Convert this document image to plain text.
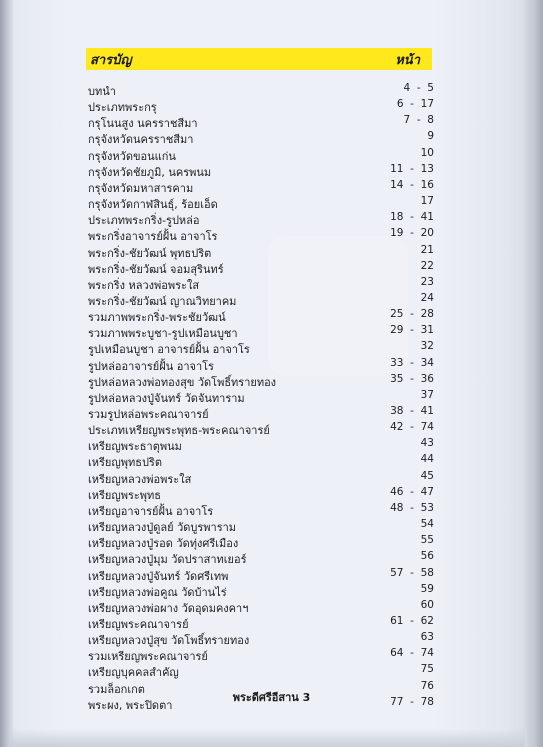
สารบัญ	หน้า
บทนำ	4  -  5
ประเภทพระกรุ	6  -  17
กรุโนนสูง นครราชสีมา	7  -  8
กรุจังหวัดนครราชสีมา	9
กรุจังหวัดขอนแก่น	10
กรุจังหวัดชัยภูมิ, นครพนม	11  -  13
กรุจังหวัดมหาสารคาม	14  -  16
กรุจังหวัดกาฬสินธุ์, ร้อยเอ็ด	17
ประเภทพระกริ่ง-รูปหล่อ	18  -  41
พระกริ่งอาจารย์ฝั้น อาจาโร	19  -  20
พระกริ่ง-ชัยวัฒน์ พุทธปริต	21
พระกริ่ง-ชัยวัฒน์ จอมสุรินทร์	22
พระกริ่ง หลวงพ่อพระใส	23
พระกริ่ง-ชัยวัฒน์ ญาณวิทยาคม	24
รวมภาพพระกริ่ง-พระชัยวัฒน์	25  -  28
รวมภาพพระบูชา-รูปเหมือนบูชา	29  -  31
รูปเหมือนบูชา อาจารย์ฝั้น อาจาโร	32
รูปหล่ออาจารย์ฝั้น อาจาโร	33  -  34
รูปหล่อหลวงพ่อทองสุข วัดโพธิ์ทรายทอง	35  -  36
รูปหล่อหลวงปู่จันทร์ วัดจันทาราม	37
รวมรูปหล่อพระคณาจารย์	38  -  41
ประเภทเหรียญพระพุทธ-พระคณาจารย์	42  -  74
เหรียญพระธาตุพนม	43
เหรียญพุทธปริต	44
เหรียญหลวงพ่อพระใส	45
เหรียญพระพุทธ	46  -  47
เหรียญอาจารย์ฝั้น อาจาโร	48  -  53
เหรียญหลวงปู่ดูลย์ วัดบูรพาราม	54
เหรียญหลวงปู่รอด วัดทุ่งศรีเมือง	55
เหรียญหลวงปู่มุม วัดปราสาทเยอร์	56
เหรียญหลวงปู่จันทร์ วัดศรีเทพ	57  -  58
เหรียญหลวงพ่อคูณ วัดบ้านไร่	59
เหรียญหลวงพ่อผาง วัดอุดมคงคาฯ	60
เหรียญพระคณาจารย์	61  -  62
เหรียญหลวงปู่สุข วัดโพธิ์ทรายทอง	63
รวมเหรียญพระคณาจารย์	64  -  74
เหรียญบุคคลสำคัญ	75
รวมล็อกเกต	76
พระผง, พระปิดตา	77  -  78
พระดีศรีอีสาน 3
